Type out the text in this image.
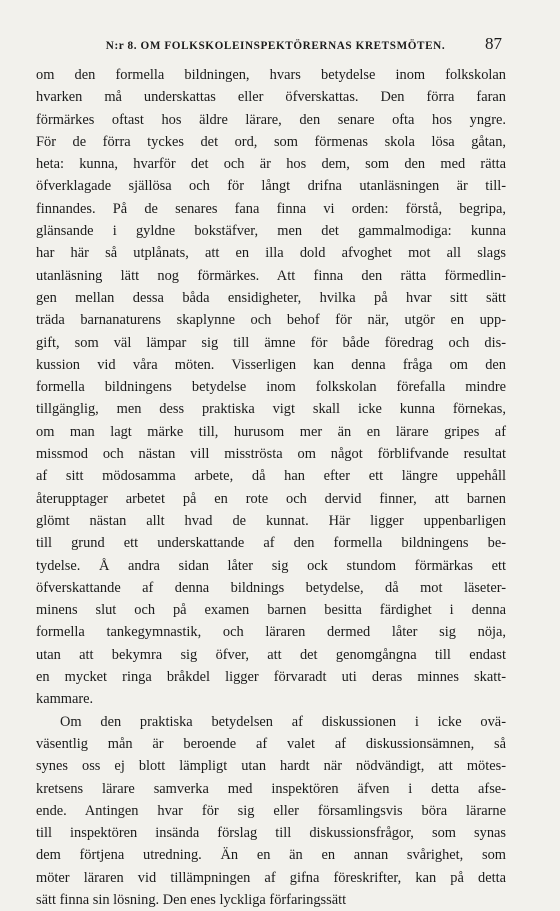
N:r 8. OM FOLKSKOLEINSPEKTÖRERNAS KRETSMÖTEN.	87
om den formella bildningen, hvars betydelse inom folkskolan
hvarken må underskattas eller öfverskattas. Den förra faran
förmärkes oftast hos äldre lärare, den senare ofta hos yngre.
För de förra tyckes det ord, som förmenas skola lösa gåtan,
heta: kunna, hvarför det och är hos dem, som den med rätta
öfverklagade själlösa och för långt drifna utanläsningen är till-
finnandes. På de senares fana finna vi orden: förstå, begripa,
glänsande i gyldne bokstäfver, men det gammalmodiga: kunna
har här så utplånats, att en illa dold afvoghet mot all slags
utanläsning lätt nog förmärkes. Att finna den rätta förmedlin-
gen mellan dessa båda ensidigheter, hvilka på hvar sitt sätt
träda barnanaturens skaplynne och behof för när, utgör en upp-
gift, som väl lämpar sig till ämne för både föredrag och dis-
kussion vid våra möten. Visserligen kan denna fråga om den
formella bildningens betydelse inom folkskolan förefalla mindre
tillgänglig, men dess praktiska vigt skall icke kunna förnekas,
om man lagt märke till, hurusom mer än en lärare gripes af
missmod och nästan vill misströsta om något förblifvande resultat
af sitt mödosamma arbete, då han efter ett längre uppehåll
återupptager arbetet på en rote och dervid finner, att barnen
glömt nästan allt hvad de kunnat. Här ligger uppenbarligen
till grund ett underskattande af den formella bildningens be-
tydelse. Å andra sidan låter sig ock stundom förmärkas ett
öfverskattande af denna bildnings betydelse, då mot läseter-
minens slut och på examen barnen besitta färdighet i denna
formella tankegymnastik, och läraren dermed låter sig nöja,
utan att bekymra sig öfver, att det genomgångna till endast
en mycket ringa bråkdel ligger förvaradt uti deras minnes skatt-
kammare.
Om den praktiska betydelsen af diskussionen i icke ovä-
väsentlig mån är beroende af valet af diskussionsämnen, så
synes oss ej blott lämpligt utan hardt när nödvändigt, att mötes-
kretsens lärare samverka med inspektören äfven i detta afse-
ende. Antingen hvar för sig eller församlingsvis böra lärarne
till inspektören insända förslag till diskussionsfrågor, som synas
dem förtjena utredning. Än en än en annan svårighet, som
möter läraren vid tillämpningen af gifna föreskrifter, kan på detta
sätt finna sin lösning. Den enes lyckliga förfaringssätt
